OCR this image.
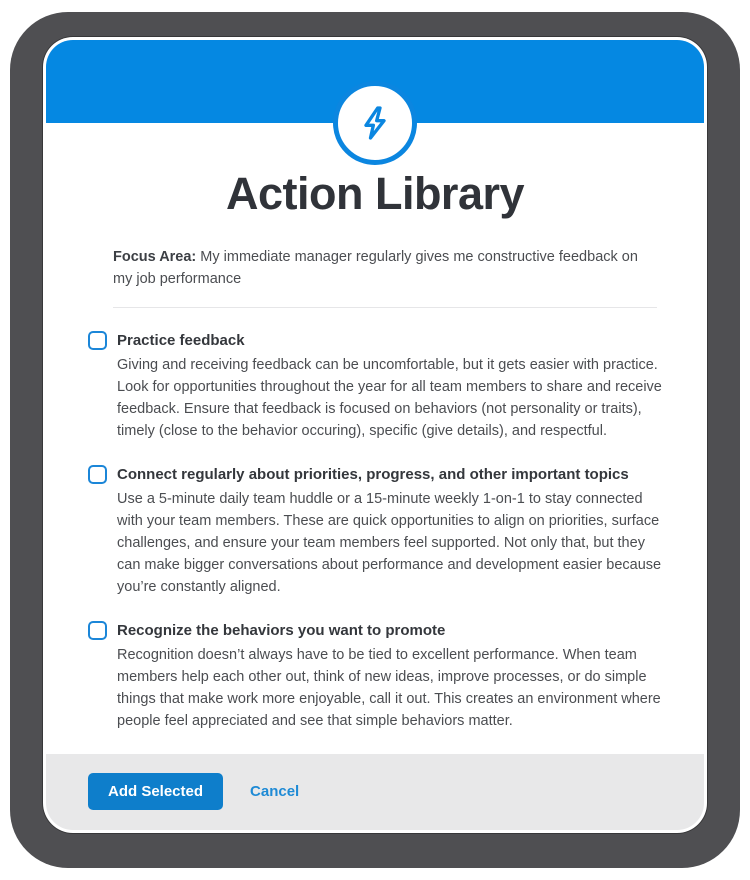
Action Library

Focus Area: My immediate manager regularly gives me constructive feedback on my job performance

Practice feedback

Giving and receiving feedback can be uncomfortable, but it gets easier with practice. Look for opportunities throughout the year for all team members to share and receive feedback. Ensure that feedback is focused on behaviors (not personality or traits), timely (close to the behavior occuring), specific (give details), and respectful.

Connect regularly about priorities, progress, and other important topics

Use a 5-minute daily team huddle or a 15-minute weekly 1-on-1 to stay connected with your team members. These are quick opportunities to align on priorities, surface challenges, and ensure your team members feel supported. Not only that, but they can make bigger conversations about performance and development easier because you’re constantly aligned.

Recognize the behaviors you want to promote

Recognition doesn’t always have to be tied to excellent performance. When team members help each other out, think of new ideas, improve processes, or do simple things that make work more enjoyable, call it out. This creates an environment where people feel appreciated and see that simple behaviors matter.

Add Selected	Cancel
